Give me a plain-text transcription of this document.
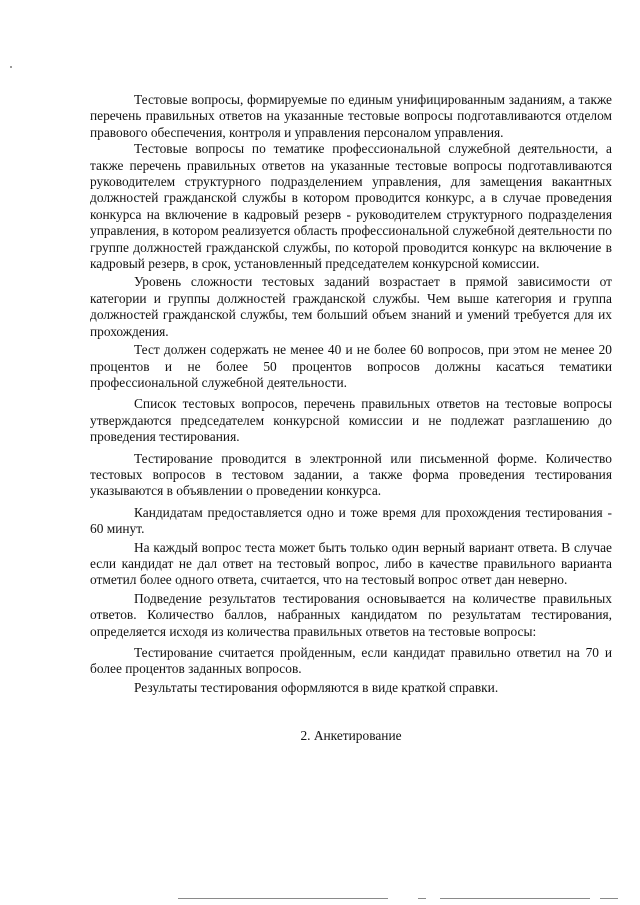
Тестовые вопросы, формируемые по единым унифицированным заданиям, а также перечень правильных ответов на указанные тестовые вопросы подготавливаются отделом правового обеспечения, контроля и управления персоналом управления.

Тестовые вопросы по тематике профессиональной служебной деятельности, а также перечень правильных ответов на указанные тестовые вопросы подготавливаются руководителем структурного подразделением управления, для замещения вакантных должностей гражданской службы в котором проводится конкурс, а в случае проведения конкурса на включение в кадровый резерв - руководителем структурного подразделения управления, в котором реализуется область профессиональной служебной деятельности по группе должностей гражданской службы, по которой проводится конкурс на включение в кадровый резерв, в срок, установленный председателем конкурсной комиссии.

Уровень сложности тестовых заданий возрастает в прямой зависимости от категории и группы должностей гражданской службы. Чем выше категория и группа должностей гражданской службы, тем больший объем знаний и умений требуется для их прохождения.

Тест должен содержать не менее 40 и не более 60 вопросов, при этом не менее 20 процентов и не более 50 процентов вопросов должны касаться тематики профессиональной служебной деятельности.

Список тестовых вопросов, перечень правильных ответов на тестовые вопросы утверждаются председателем конкурсной комиссии и не подлежат разглашению до проведения тестирования.

Тестирование проводится в электронной или письменной форме. Количество тестовых вопросов в тестовом задании, а также форма проведения тестирования указываются в объявлении о проведении конкурса.

Кандидатам предоставляется одно и тоже время для прохождения тестирования - 60 минут.

На каждый вопрос теста может быть только один верный вариант ответа. В случае если кандидат не дал ответ на тестовый вопрос, либо в качестве правильного варианта отметил более одного ответа, считается, что на тестовый вопрос ответ дан неверно.

Подведение результатов тестирования основывается на количестве правильных ответов. Количество баллов, набранных кандидатом по результатам тестирования, определяется исходя из количества правильных ответов на тестовые вопросы:

Тестирование считается пройденным, если кандидат правильно ответил на 70 и более процентов заданных вопросов.

Результаты тестирования оформляются в виде краткой справки.

2. Анкетирование
